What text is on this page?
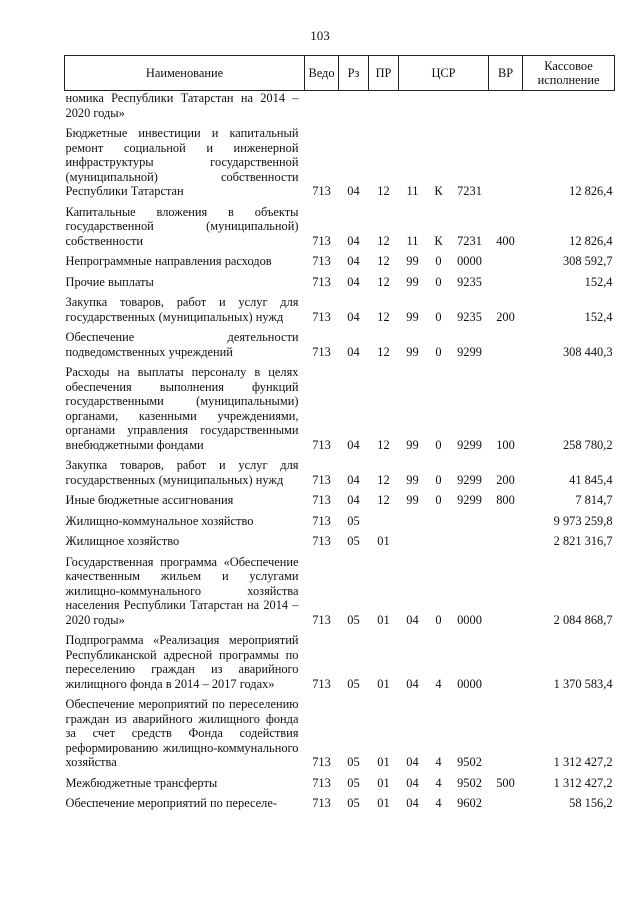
103
Наименование	Ведо	Рз	ПР	ЦСР			ВР	Кассовое исполнение
номика Республики Татарстан на 2014 – 2020 годы»								
Бюджетные инвестиции и капитальный ремонт социальной и инженерной инфраструктуры государственной (муниципальной) собственности Республики Татарстан	713	04	12	11	К	7231		12 826,4
Капитальные вложения в объекты государственной (муниципальной) собственности	713	04	12	11	К	7231	400	12 826,4
Непрограммные направления расходов	713	04	12	99	0	0000		308 592,7
Прочие выплаты	713	04	12	99	0	9235		152,4
Закупка товаров, работ и услуг для государственных (муниципальных) нужд	713	04	12	99	0	9235	200	152,4
Обеспечение деятельности подведомственных учреждений	713	04	12	99	0	9299		308 440,3
Расходы на выплаты персоналу в целях обеспечения выполнения функций государственными (муниципальными) органами, казенными учреждениями, органами управления государственными внебюджетными фондами	713	04	12	99	0	9299	100	258 780,2
Закупка товаров, работ и услуг для государственных (муниципальных) нужд	713	04	12	99	0	9299	200	41 845,4
Иные бюджетные ассигнования	713	04	12	99	0	9299	800	7 814,7
Жилищно-коммунальное хозяйство	713	05						9 973 259,8
Жилищное хозяйство	713	05	01					2 821 316,7
Государственная программа «Обеспечение качественным жильем и услугами жилищно-коммунального хозяйства населения Республики Татарстан на 2014 – 2020 годы»	713	05	01	04	0	0000		2 084 868,7
Подпрограмма «Реализация мероприятий Республиканской адресной программы по переселению граждан из аварийного жилищного фонда в 2014 – 2017 годах»	713	05	01	04	4	0000		1 370 583,4
Обеспечение мероприятий по переселению граждан из аварийного жилищного фонда за счет средств Фонда содействия реформированию жилищно-коммунального хозяйства	713	05	01	04	4	9502		1 312 427,2
Межбюджетные трансферты	713	05	01	04	4	9502	500	1 312 427,2
Обеспечение мероприятий по переселе-	713	05	01	04	4	9602		58 156,2
